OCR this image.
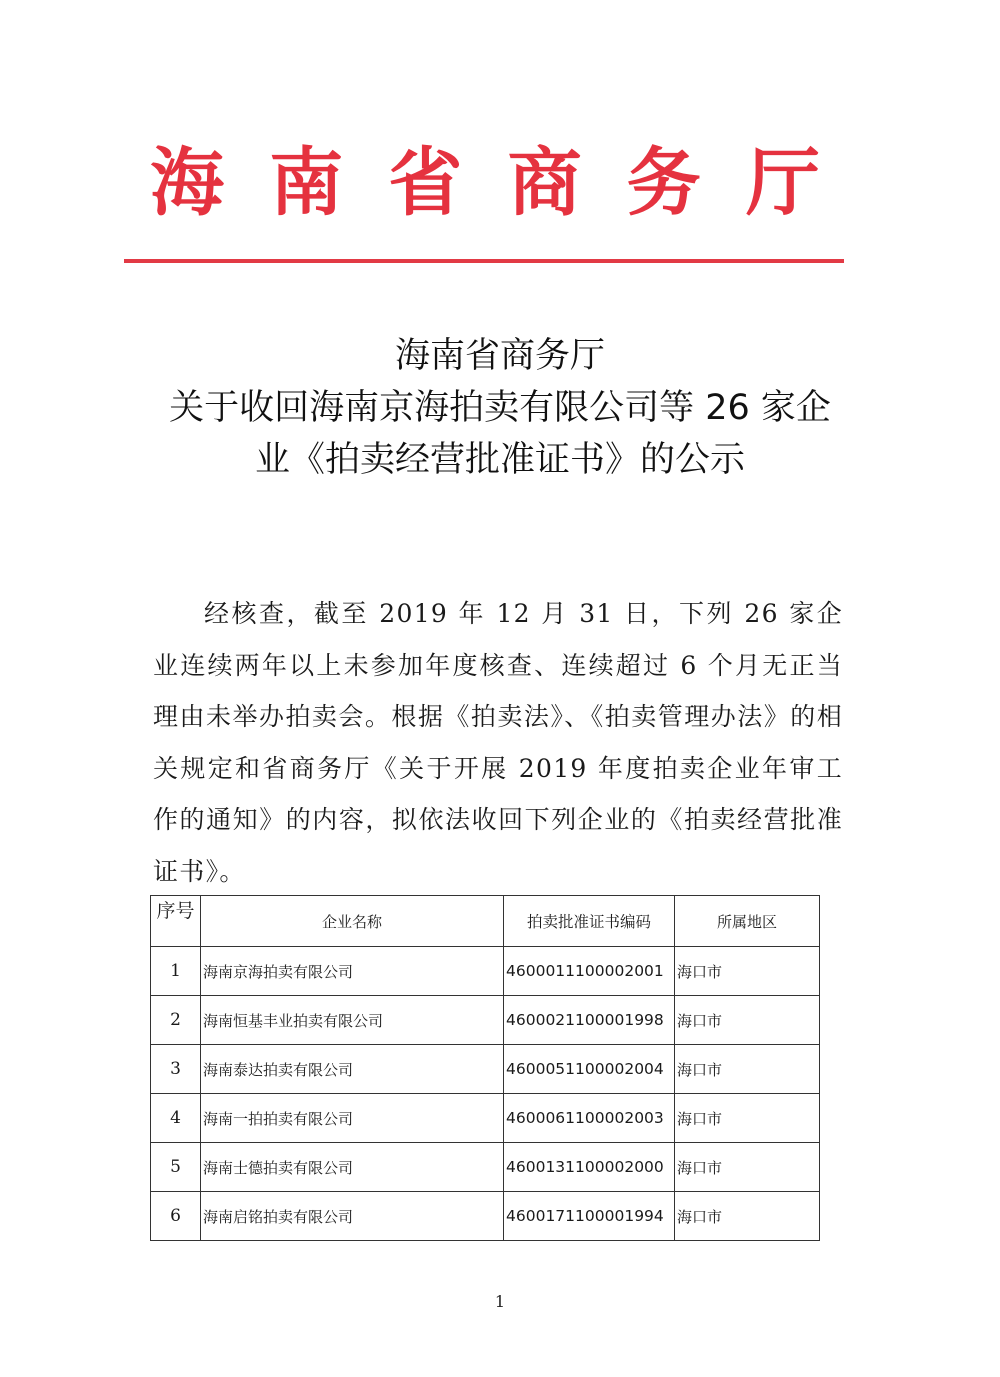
海 南 省 商 务 厅
海南省商务厅
关于收回海南京海拍卖有限公司等 26 家企
业《拍卖经营批准证书》的公示

经核查，截至 2019 年 12 月 31 日，下列 26 家企业连续两年以上未参加年度核查、连续超过 6 个月无正当理由未举办拍卖会。根据《拍卖法》、《拍卖管理办法》的相关规定和省商务厅《关于开展 2019 年度拍卖企业年审工作的通知》的内容，拟依法收回下列企业的《拍卖经营批准证书》。

序号	企业名称	拍卖批准证书编码	所属地区
1	海南京海拍卖有限公司	4600011100002001	海口市
2	海南恒基丰业拍卖有限公司	4600021100001998	海口市
3	海南泰达拍卖有限公司	4600051100002004	海口市
4	海南一拍拍卖有限公司	4600061100002003	海口市
5	海南士德拍卖有限公司	4600131100002000	海口市
6	海南启铭拍卖有限公司	4600171100001994	海口市
1
